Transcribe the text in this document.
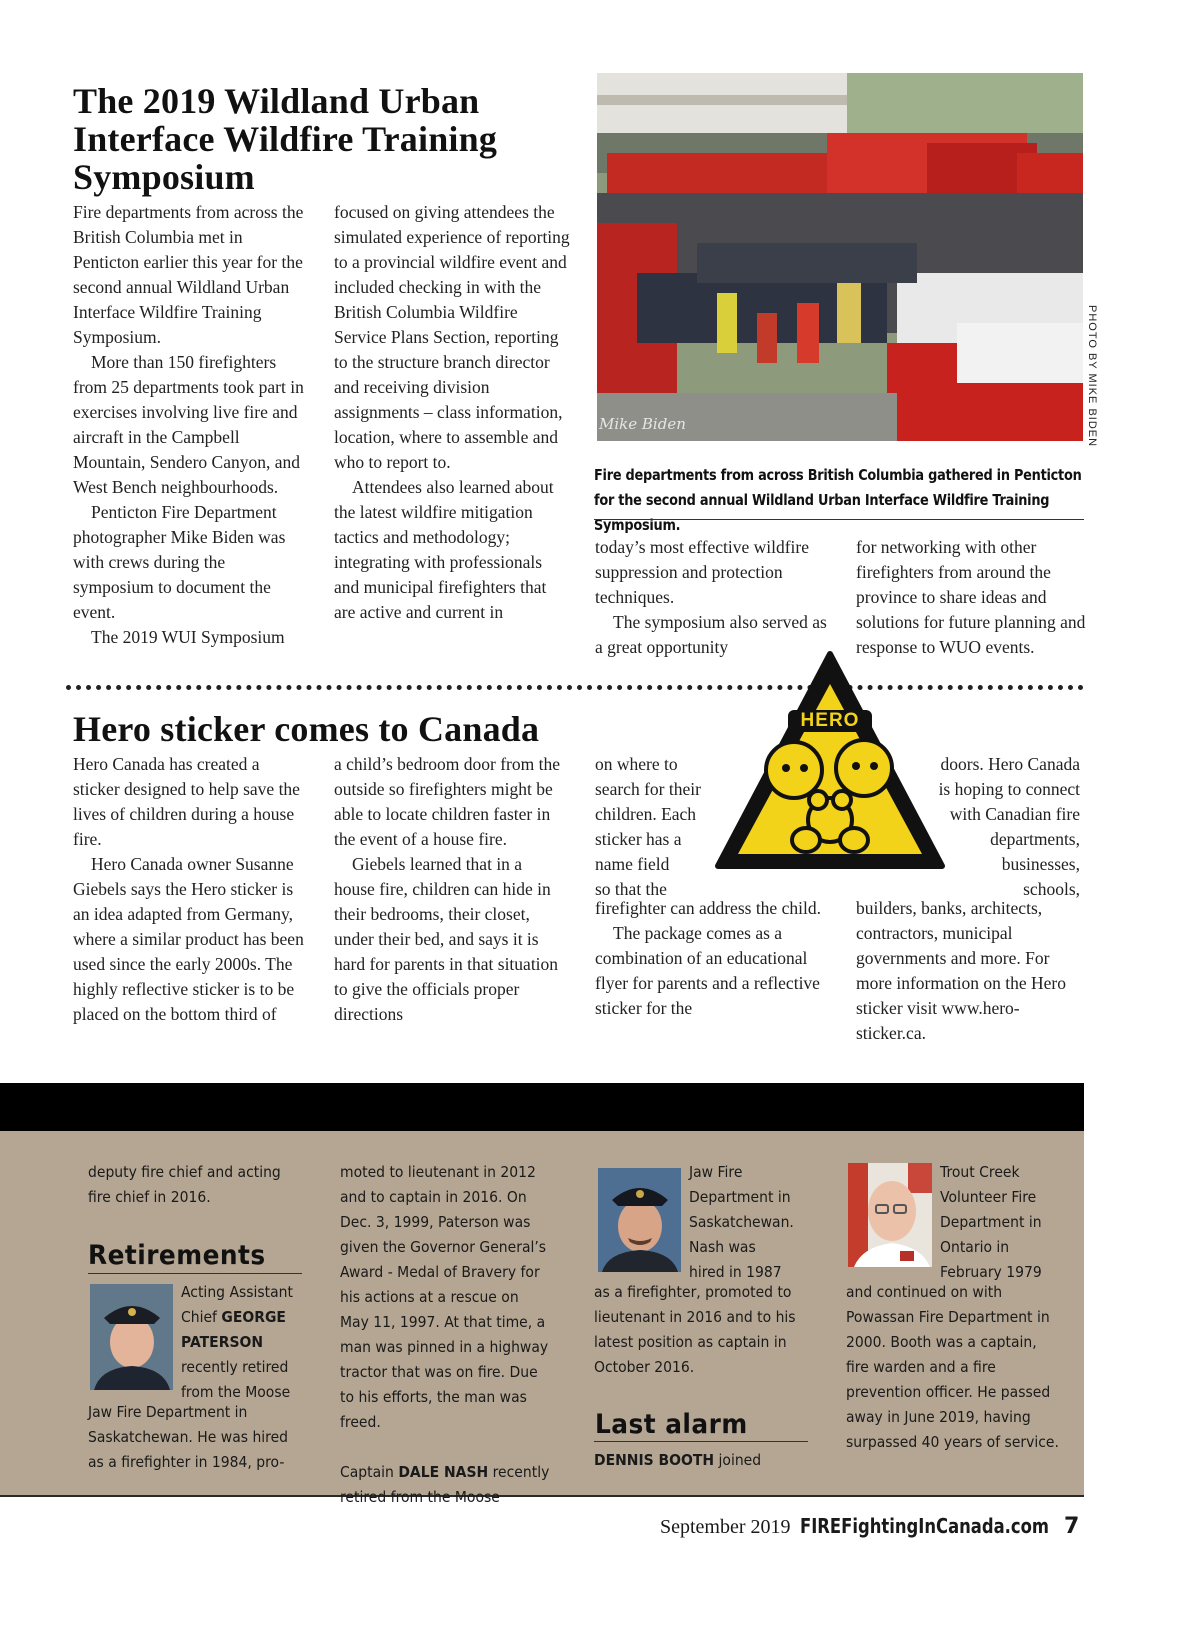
The 2019 Wildland Urban Interface Wildfire Training Symposium

Fire departments from across the British Columbia met in Penticton earlier this year for the second annual Wildland Urban Interface Wildfire Training Symposium.

More than 150 firefighters from 25 departments took part in exercises involving live fire and aircraft in the Campbell Mountain, Sendero Canyon, and West Bench neighbourhoods.

Penticton Fire Department photographer Mike Biden was with crews during the symposium to document the event.

The 2019 WUI Symposium

focused on giving attendees the simulated experience of reporting to a provincial wildfire event and included checking in with the British Columbia Wildfire Service Plans Section, reporting to the structure branch director and receiving division assignments – class information, location, where to assemble and who to report to.

Attendees also learned about the latest wildfire mitigation tactics and methodology; integrating with professionals and municipal firefighters that are active and current in

Mike Biden	PHOTO BY MIKE BIDEN
Fire departments from across British Columbia gathered in Penticton for the second annual Wildland Urban Interface Wildfire Training Symposium.

today’s most effective wildfire suppression and protection techniques.

The symposium also served as a great opportunity

for networking with other firefighters from around the province to share ideas and solutions for future planning and response to WUO events.

Hero sticker comes to Canada

Hero Canada has created a sticker designed to help save the lives of children during a house fire.

Hero Canada owner Susanne Giebels says the Hero sticker is an idea adapted from Germany, where a similar product has been used since the early 2000s. The highly reflective sticker is to be placed on the bottom third of

a child’s bedroom door from the outside so firefighters might be able to locate children faster in the event of a house fire.

Giebels learned that in a house fire, children can hide in their bedrooms, their closet, under their bed, and says it is hard for parents in that situation to give the officials proper directions

on where to
search for their
children. Each
sticker has a
name field
so that the

firefighter can address the child.

The package comes as a combination of an educational flyer for parents and a reflective sticker for the

doors. Hero Canada
is hoping to connect
with Canadian fire
departments,
businesses,
schools,

builders, banks, architects, contractors, municipal governments and more. For more information on the Hero sticker visit www.hero-sticker.ca.

HERO
deputy fire chief and acting fire chief in 2016.
Retirements
Acting Assistant
Chief GEORGE
PATERSON
recently retired
from the Moose
Jaw Fire Department in Saskatchewan. He was hired as a firefighter in 1984, pro-

moted to lieutenant in 2012 and to captain in 2016. On Dec. 3, 1999, Paterson was given the Governor General’s Award - Medal of Bravery for his actions at a rescue on May 11, 1997. At that time, a man was pinned in a highway tractor that was on fire. Due to his efforts, the man was freed.

Captain DALE NASH recently retired from the Moose

Jaw Fire
Department in
Saskatchewan.
Nash was
hired in 1987
as a firefighter, promoted to lieutenant in 2016 and to his latest position as captain in October 2016.
Last alarm
DENNIS BOOTH joined
Trout Creek
Volunteer Fire
Department in
Ontario in
February 1979
and continued on with Powassan Fire Department in 2000. Booth was a captain, fire warden and a fire prevention officer. He passed away in June 2019, having surpassed 40 years of service.
September 2019 FIREFightingInCanada.com 7
